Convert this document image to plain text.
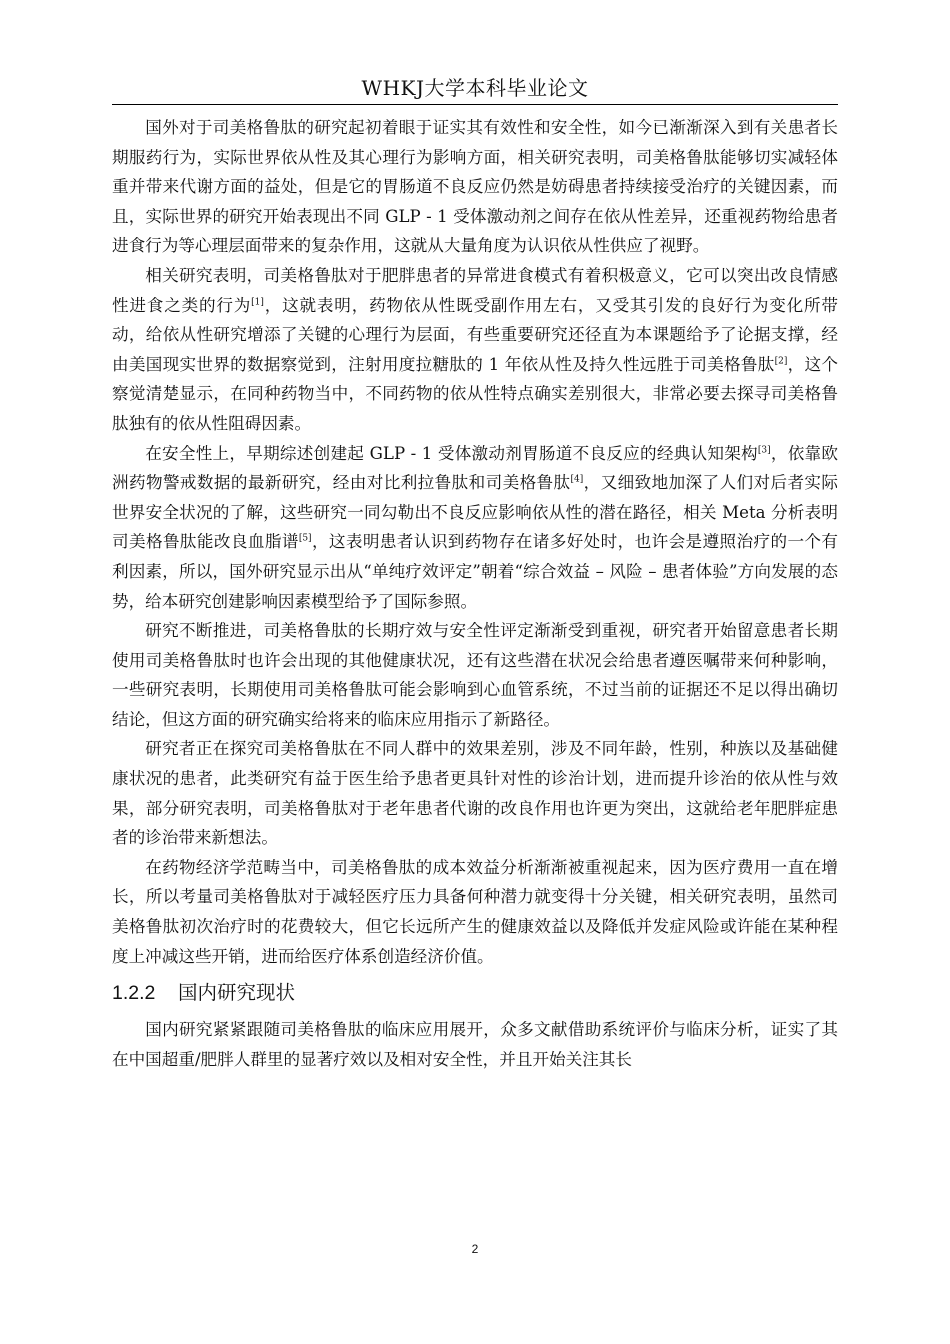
WHKJ大学本科毕业论文

国外对于司美格鲁肽的研究起初着眼于证实其有效性和安全性，如今已渐渐深入到有关患者长期服药行为，实际世界依从性及其心理行为影响方面，相关研究表明，司美格鲁肽能够切实减轻体重并带来代谢方面的益处，但是它的胃肠道不良反应仍然是妨碍患者持续接受治疗的关键因素，而且，实际世界的研究开始表现出不同 GLP - 1 受体激动剂之间存在依从性差异，还重视药物给患者进食行为等心理层面带来的复杂作用，这就从大量角度为认识依从性供应了视野。

相关研究表明，司美格鲁肽对于肥胖患者的异常进食模式有着积极意义，它可以突出改良情感性进食之类的行为[1]，这就表明，药物依从性既受副作用左右，又受其引发的良好行为变化所带动，给依从性研究增添了关键的心理行为层面，有些重要研究还径直为本课题给予了论据支撑，经由美国现实世界的数据察觉到，注射用度拉糖肽的 1 年依从性及持久性远胜于司美格鲁肽[2]，这个察觉清楚显示，在同种药物当中，不同药物的依从性特点确实差别很大，非常必要去探寻司美格鲁肽独有的依从性阻碍因素。

在安全性上，早期综述创建起 GLP - 1 受体激动剂胃肠道不良反应的经典认知架构[3]，依靠欧洲药物警戒数据的最新研究，经由对比利拉鲁肽和司美格鲁肽[4]，又细致地加深了人们对后者实际世界安全状况的了解，这些研究一同勾勒出不良反应影响依从性的潜在路径，相关 Meta 分析表明司美格鲁肽能改良血脂谱[5]，这表明患者认识到药物存在诸多好处时，也许会是遵照治疗的一个有利因素，所以，国外研究显示出从“单纯疗效评定”朝着“综合效益 – 风险 – 患者体验”方向发展的态势，给本研究创建影响因素模型给予了国际参照。

研究不断推进，司美格鲁肽的长期疗效与安全性评定渐渐受到重视，研究者开始留意患者长期使用司美格鲁肽时也许会出现的其他健康状况，还有这些潜在状况会给患者遵医嘱带来何种影响，一些研究表明，长期使用司美格鲁肽可能会影响到心血管系统，不过当前的证据还不足以得出确切结论，但这方面的研究确实给将来的临床应用指示了新路径。

研究者正在探究司美格鲁肽在不同人群中的效果差别，涉及不同年龄，性别，种族以及基础健康状况的患者，此类研究有益于医生给予患者更具针对性的诊治计划，进而提升诊治的依从性与效果，部分研究表明，司美格鲁肽对于老年患者代谢的改良作用也许更为突出，这就给老年肥胖症患者的诊治带来新想法。

在药物经济学范畴当中，司美格鲁肽的成本效益分析渐渐被重视起来，因为医疗费用一直在增长，所以考量司美格鲁肽对于减轻医疗压力具备何种潜力就变得十分关键，相关研究表明，虽然司美格鲁肽初次治疗时的花费较大，但它长远所产生的健康效益以及降低并发症风险或许能在某种程度上冲减这些开销，进而给医疗体系创造经济价值。

1.2.2 国内研究现状

国内研究紧紧跟随司美格鲁肽的临床应用展开，众多文献借助系统评价与临床分析，证实了其在中国超重/肥胖人群里的显著疗效以及相对安全性，并且开始关注其长

2
